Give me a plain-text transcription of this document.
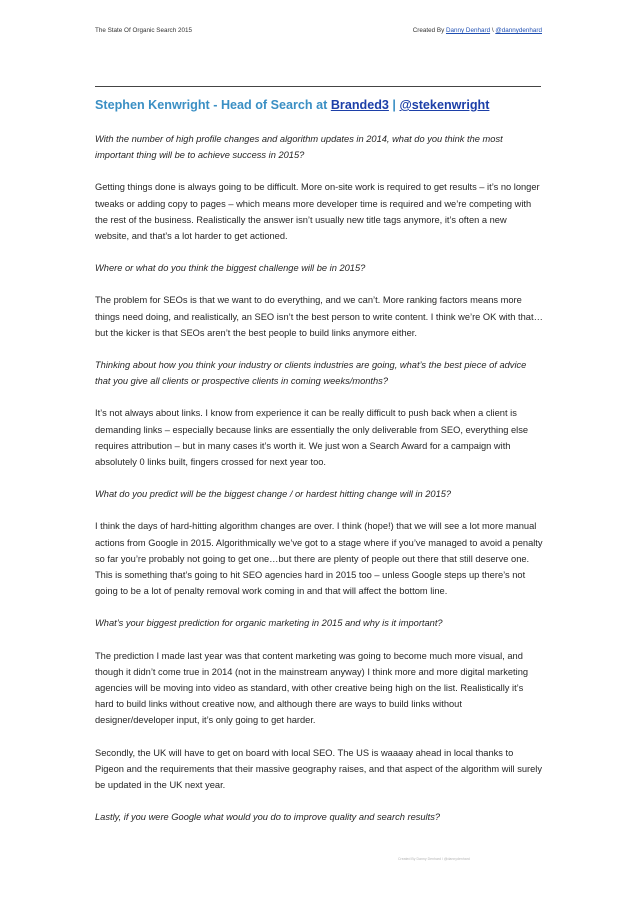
The State Of Organic Search 2015	Created By Danny Denhard \ @dannydenhard
Stephen Kenwright - Head of Search at Branded3 | @stekenwright

With the number of high profile changes and algorithm updates in 2014, what do you think the most important thing will be to achieve success in 2015?

Getting things done is always going to be difficult. More on-site work is required to get results – it’s no longer tweaks or adding copy to pages – which means more developer time is required and we’re competing with the rest of the business. Realistically the answer isn’t usually new title tags anymore, it’s often a new website, and that’s a lot harder to get actioned.

Where or what do you think the biggest challenge will be in 2015?

The problem for SEOs is that we want to do everything, and we can’t. More ranking factors means more things need doing, and realistically, an SEO isn’t the best person to write content. I think we’re OK with that…but the kicker is that SEOs aren’t the best people to build links anymore either.

Thinking about how you think your industry or clients industries are going, what’s the best piece of advice that you give all clients or prospective clients in coming weeks/months?

It’s not always about links. I know from experience it can be really difficult to push back when a client is demanding links – especially because links are essentially the only deliverable from SEO, everything else requires attribution – but in many cases it’s worth it. We just won a Search Award for a campaign with absolutely 0 links built, fingers crossed for next year too.

What do you predict will be the biggest change / or hardest hitting change will in 2015?

I think the days of hard-hitting algorithm changes are over. I think (hope!) that we will see a lot more manual actions from Google in 2015. Algorithmically we’ve got to a stage where if you’ve managed to avoid a penalty so far you’re probably not going to get one…but there are plenty of people out there that still deserve one. This is something that’s going to hit SEO agencies hard in 2015 too – unless Google steps up there’s not going to be a lot of penalty removal work coming in and that will affect the bottom line.

What’s your biggest prediction for organic marketing in 2015 and why is it important?

The prediction I made last year was that content marketing was going to become much more visual, and though it didn’t come true in 2014 (not in the mainstream anyway) I think more and more digital marketing agencies will be moving into video as standard, with other creative being high on the list. Realistically it’s hard to build links without creative now, and although there are ways to build links without designer/developer input, it’s only going to get harder.

Secondly, the UK will have to get on board with local SEO. The US is waaaay ahead in local thanks to Pigeon and the requirements that their massive geography raises, and that aspect of the algorithm will surely be updated in the UK next year.

Lastly, if you were Google what would you do to improve quality and search results?

Created By Danny Denhard \ @dannydenhard
